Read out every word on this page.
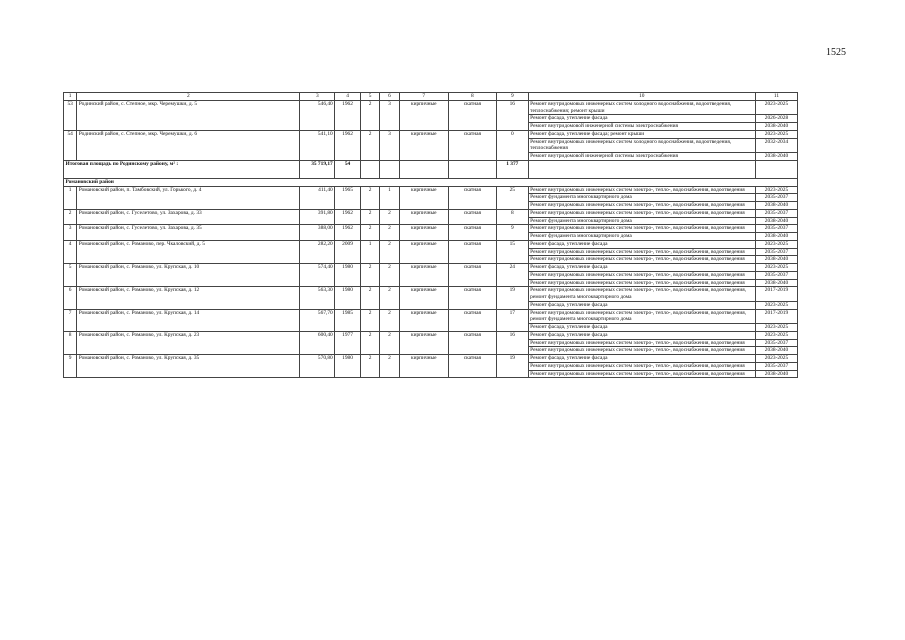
1525
1	2	3	4	5	6	7	8	9	10	11
53	Родинский район, с. Степное, мкр. Черемушки, д. 5	546,40	1962	2	3	кирпичные	скатная	16	Ремонт внутридомовых инженерных систем холодного водоснабжения, водоотведения, теплоснабжения; ремонт крыши	2023-2025
									Ремонт фасада, утепление фасада	2026-2028
									Ремонт внутридомовой инженерной системы электроснабжения	2038-2040
54	Родинский район, с. Степное, мкр. Черемушки, д. 6	541,10	1962	2	3	кирпичные	скатная	0	Ремонт фасада, утепление фасада; ремонт крыши	2023-2025
									Ремонт внутридомовых инженерных систем холодного водоснабжения, водоотведения, теплоснабжения	2032-2034
									Ремонт внутридомовой инженерной системы электроснабжения	2038-2040
Итоговая площадь по Родинскому району, м² :		35 719,17	54					1 377		
Романовский район										
1	Романовский район, п. Тамбовский, ул. Горького, д. 4	411,40	1965	2	1	кирпичные	скатная	25	Ремонт внутридомовых инженерных систем электро-, тепло-, водоснабжения, водоотведения	2023-2025
									Ремонт фундамента многоквартирного дома	2035-2037
									Ремонт внутридомовых инженерных систем электро-, тепло-, водоснабжения, водоотведения	2038-2040
2	Романовский район, с. Гуселетово, ул. Захарова, д. 33	391,80	1962	2	2	кирпичные	скатная	8	Ремонт внутридомовых инженерных систем электро-, тепло-, водоснабжения, водоотведения	2035-2037
									Ремонт фундамента многоквартирного дома	2038-2040
3	Романовский район, с. Гуселетово, ул. Захарова, д. 35	388,00	1962	2	2	кирпичные	скатная	9	Ремонт внутридомовых инженерных систем электро-, тепло-, водоснабжения, водоотведения	2035-2037
									Ремонт фундамента многоквартирного дома	2038-2040
4	Романовский район, с. Романово, пер. Чкаловский, д. 5	282,20	2009	1	2	кирпичные	скатная	15	Ремонт фасада, утепление фасада	2023-2025
									Ремонт внутридомовых инженерных систем электро-, тепло-, водоснабжения, водоотведения	2035-2037
									Ремонт внутридомовых инженерных систем электро-, тепло-, водоснабжения, водоотведения	2038-2040
5	Романовский район, с. Романово, ул. Крупская, д. 10	574,40	1980	2	2	кирпичные	скатная	24	Ремонт фасада, утепление фасада	2023-2025
									Ремонт внутридомовых инженерных систем электро-, тепло-, водоснабжения, водоотведения	2035-2037
									Ремонт внутридомовых инженерных систем электро-, тепло-, водоснабжения, водоотведения	2038-2040
6	Романовский район, с. Романово, ул. Крупская, д. 12	563,30	1980	2	2	кирпичные	скатная	19	Ремонт внутридомовых инженерных систем электро-, тепло-, водоснабжения, водоотведения, ремонт фундамента многоквартирного дома	2017-2019
									Ремонт фасада, утепление фасада	2023-2025
7	Романовский район, с. Романово, ул. Крупская, д. 14	567,70	1985	2	2	кирпичные	скатная	17	Ремонт внутридомовых инженерных систем электро-, тепло-, водоснабжения, водоотведения, ремонт фундамента многоквартирного дома	2017-2019
									Ремонт фасада, утепление фасада	2023-2025
8	Романовский район, с. Романово, ул. Крупская, д. 23	600,40	1977	2	2	кирпичные	скатная	16	Ремонт фасада, утепление фасада	2023-2025
									Ремонт внутридомовых инженерных систем электро-, тепло-, водоснабжения, водоотведения	2035-2037
									Ремонт внутридомовых инженерных систем электро-, тепло-, водоснабжения, водоотведения	2038-2040
9	Романовский район, с. Романово, ул. Крупская, д. 35	570,80	1980	2	2	кирпичные	скатная	19	Ремонт фасада, утепление фасада	2023-2025
									Ремонт внутридомовых инженерных систем электро-, тепло-, водоснабжения, водоотведения	2035-2037
									Ремонт внутридомовых инженерных систем электро-, тепло-, водоснабжения, водоотведения	2038-2040
